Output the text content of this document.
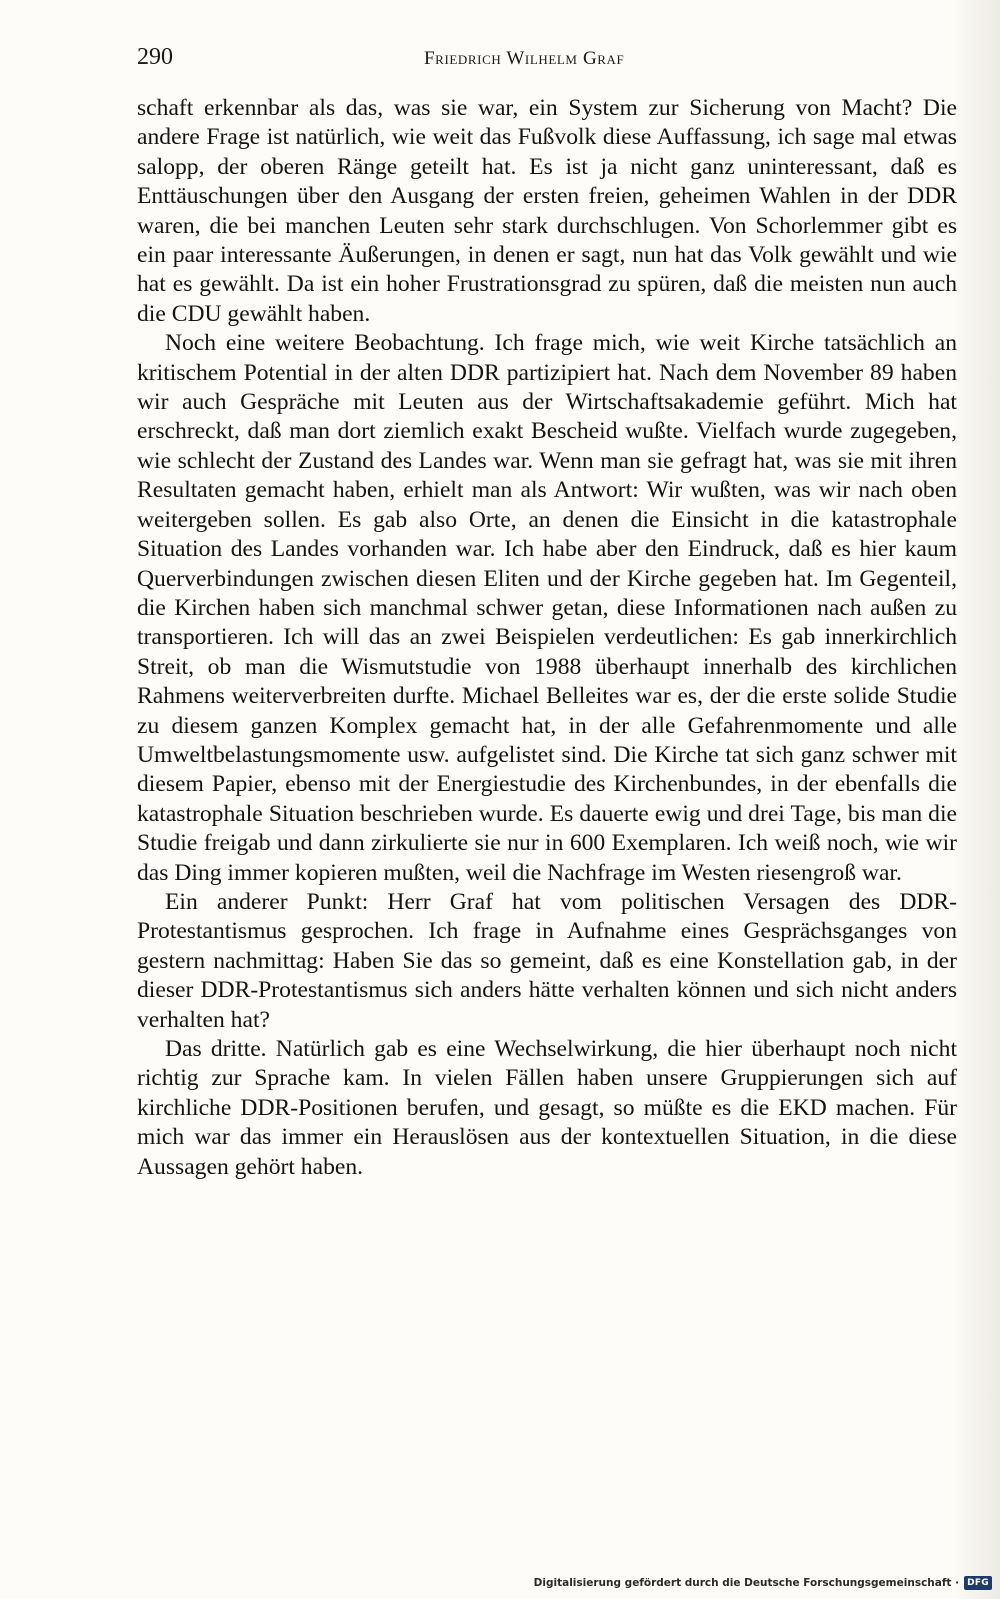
290	Friedrich Wilhelm Graf

schaft erkennbar als das, was sie war, ein System zur Sicherung von Macht? Die andere Frage ist natürlich, wie weit das Fußvolk diese Auffassung, ich sage mal etwas salopp, der oberen Ränge geteilt hat. Es ist ja nicht ganz uninteressant, daß es Enttäuschungen über den Ausgang der ersten freien, geheimen Wahlen in der DDR waren, die bei manchen Leuten sehr stark durchschlugen. Von Schorlemmer gibt es ein paar interessante Äußerungen, in denen er sagt, nun hat das Volk gewählt und wie hat es gewählt. Da ist ein hoher Frustrationsgrad zu spüren, daß die meisten nun auch die CDU gewählt haben.

Noch eine weitere Beobachtung. Ich frage mich, wie weit Kirche tatsächlich an kritischem Potential in der alten DDR partizipiert hat. Nach dem November 89 haben wir auch Gespräche mit Leuten aus der Wirtschaftsakademie geführt. Mich hat erschreckt, daß man dort ziemlich exakt Bescheid wußte. Vielfach wurde zugegeben, wie schlecht der Zustand des Landes war. Wenn man sie gefragt hat, was sie mit ihren Resultaten gemacht haben, erhielt man als Antwort: Wir wußten, was wir nach oben weitergeben sollen. Es gab also Orte, an denen die Einsicht in die katastrophale Situation des Landes vorhanden war. Ich habe aber den Eindruck, daß es hier kaum Querverbindungen zwischen diesen Eliten und der Kirche gegeben hat. Im Gegenteil, die Kirchen haben sich manchmal schwer getan, diese Informationen nach außen zu transportieren. Ich will das an zwei Beispielen verdeutlichen: Es gab innerkirchlich Streit, ob man die Wismutstudie von 1988 überhaupt innerhalb des kirchlichen Rahmens weiterverbreiten durfte. Michael Belleites war es, der die erste solide Studie zu diesem ganzen Komplex gemacht hat, in der alle Gefahrenmomente und alle Umweltbelastungsmomente usw. aufgelistet sind. Die Kirche tat sich ganz schwer mit diesem Papier, ebenso mit der Energiestudie des Kirchenbundes, in der ebenfalls die katastrophale Situation beschrieben wurde. Es dauerte ewig und drei Tage, bis man die Studie freigab und dann zirkulierte sie nur in 600 Exemplaren. Ich weiß noch, wie wir das Ding immer kopieren mußten, weil die Nachfrage im Westen riesengroß war.

Ein anderer Punkt: Herr Graf hat vom politischen Versagen des DDR-Protestantismus gesprochen. Ich frage in Aufnahme eines Gesprächsganges von gestern nachmittag: Haben Sie das so gemeint, daß es eine Konstellation gab, in der dieser DDR-Protestantismus sich anders hätte verhalten können und sich nicht anders verhalten hat?

Das dritte. Natürlich gab es eine Wechselwirkung, die hier überhaupt noch nicht richtig zur Sprache kam. In vielen Fällen haben unsere Gruppierungen sich auf kirchliche DDR-Positionen berufen, und gesagt, so müßte es die EKD machen. Für mich war das immer ein Herauslösen aus der kontextuellen Situation, in die diese Aussagen gehört haben.

Digitalisierung gefördert durch die Deutsche Forschungsgemeinschaft · DFG
